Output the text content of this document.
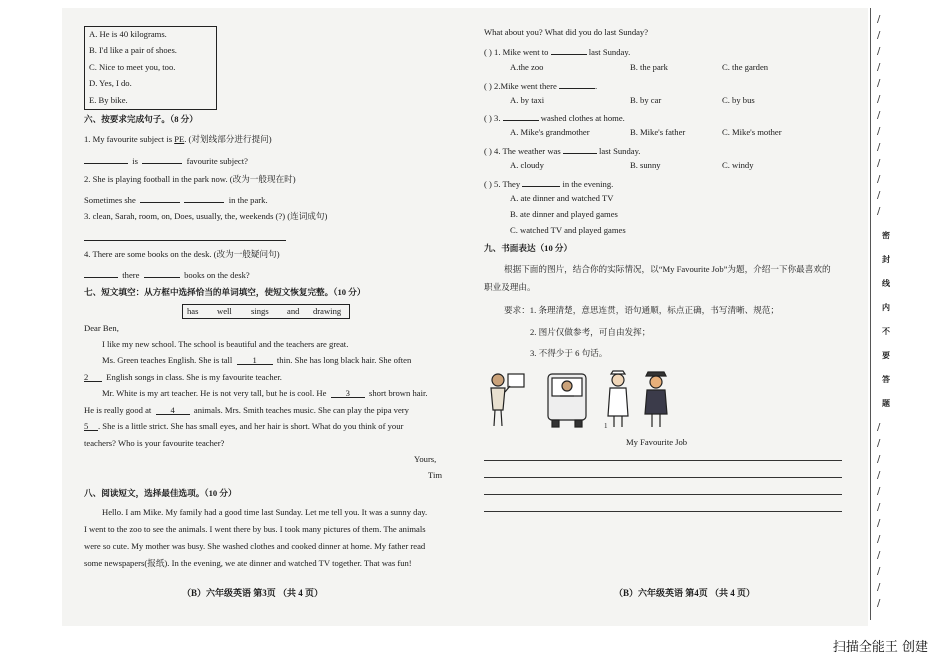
A. He is 40 kilograms.
B. I'd like a pair of shoes.
C. Nice to meet you, too.
D. Yes, I do.
E. By bike.
六、按要求完成句子。（8 分）
1. My favourite subject is PE. (对划线部分进行提问)
is	favourite subject?
2. She is playing football in the park now. (改为一般现在时)
Sometimes she	in the park.
3. clean, Sarah, room, on, Does, usually, the, weekends (?) (连词成句)
4. There are some books on the desk. (改为一般疑问句)
there	books on the desk?
七、短文填空：从方框中选择恰当的单词填空，使短文恢复完整。（10 分）
has well sings and drawing
Dear Ben,
I like my new school. The school is beautiful and the teachers are great.
Ms. Green teaches English. She is tall 1 thin. She has long black hair. She often
2 English songs in class. She is my favourite teacher.
Mr. White is my art teacher. He is not very tall, but he is cool. He 3 short brown hair.
He is really good at 4 animals. Mrs. Smith teaches music. She can play the pipa very
5 . She is a little strict. She has small eyes, and her hair is short. What do you think of your
teachers? Who is your favourite teacher?
Yours,
Tim
八、阅读短文，选择最佳选项。（10 分）
Hello. I am Mike. My family had a good time last Sunday. Let me tell you. It was a sunny day.
I went to the zoo to see the animals. I went there by bus. I took many pictures of them. The animals
were so cute. My mother was busy. She washed clothes and cooked dinner at home. My father read
some newspapers(报纸). In the evening, we ate dinner and watched TV together. That was fun!
（B）六年级英语 第3页 （共 4 页）
What about you? What did you do last Sunday?
( ) 1. Mike went to	last Sunday.
A.the zoo	B. the park	C. the garden
( ) 2.Mike went there	.
A. by taxi	B. by car	C. by bus
( ) 3.	washed clothes at home.
A. Mike's grandmother	B. Mike's father	C. Mike's mother
( ) 4. The weather was	last Sunday.
A. cloudy	B. sunny	C. windy
( ) 5. They	in the evening.
A. ate dinner and watched TV
B. ate dinner and played games
C. watched TV and played games
九、书面表达（10 分）
根据下面的图片，结合你的实际情况，以“My Favourite Job”为题，介绍一下你最喜欢的
职业及理由。
要求：1. 条理清楚，意思连贯，语句通顺，标点正确，书写清晰、规范；
2. 图片仅做参考，可自由发挥；
3. 不得少于 6 句话。
1
My Favourite Job
（B）六年级英语 第4页 （共 4 页）
/
/
/
/
/
/
/
/
/
/
/
/
/
密
封
线
内
不
要
答
题
/
/
/
/
/
/
/
/
/
/
/
/
扫描全能王 创建
